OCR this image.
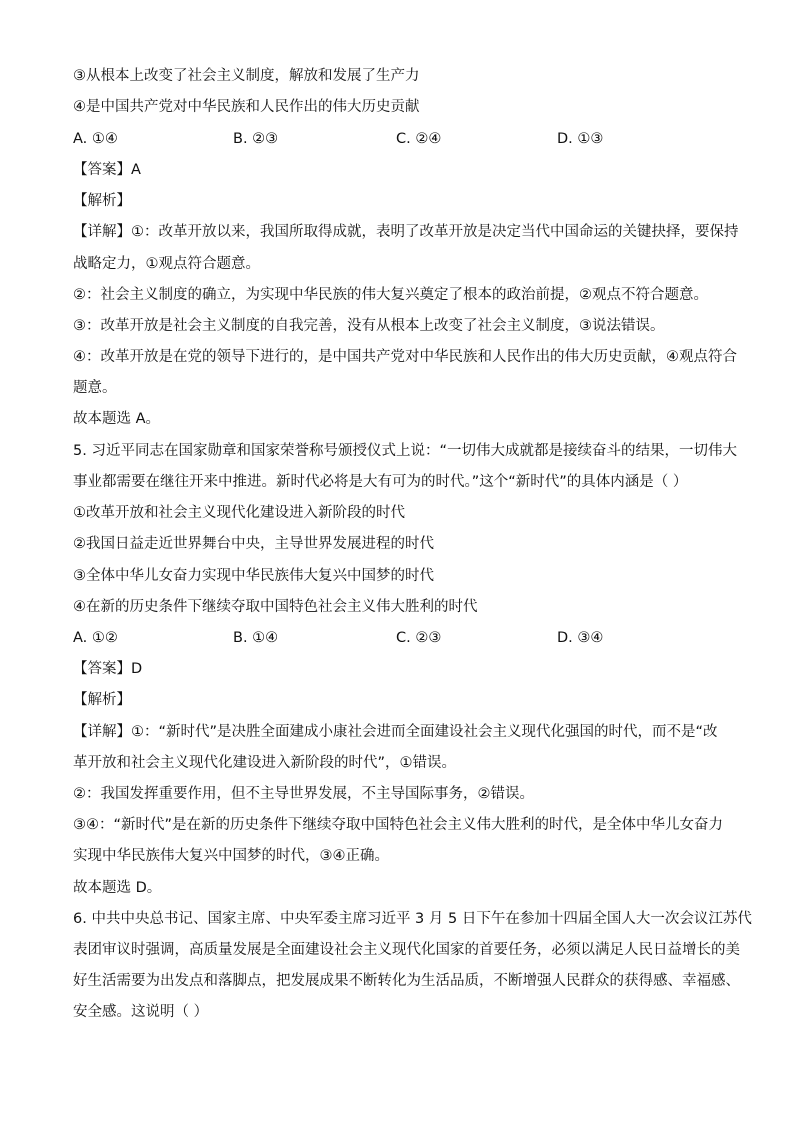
③从根本上改变了社会主义制度，解放和发展了生产力
④是中国共产党对中华民族和人民作出的伟大历史贡献
A. ①④	B. ②③	C. ②④	D. ①③
【答案】A
【解析】
【详解】①：改革开放以来，我国所取得成就，表明了改革开放是决定当代中国命运的关键抉择，要保持
战略定力，①观点符合题意。
②：社会主义制度的确立，为实现中华民族的伟大复兴奠定了根本的政治前提，②观点不符合题意。
③：改革开放是社会主义制度的自我完善，没有从根本上改变了社会主义制度，③说法错误。
④：改革开放是在党的领导下进行的，是中国共产党对中华民族和人民作出的伟大历史贡献，④观点符合
题意。
故本题选 A。
5. 习近平同志在国家勋章和国家荣誉称号颁授仪式上说：“一切伟大成就都是接续奋斗的结果，一切伟大
事业都需要在继往开来中推进。新时代必将是大有可为的时代。”这个“新时代”的具体内涵是（ ）
①改革开放和社会主义现代化建设进入新阶段的时代
②我国日益走近世界舞台中央，主导世界发展进程的时代
③全体中华儿女奋力实现中华民族伟大复兴中国梦的时代
④在新的历史条件下继续夺取中国特色社会主义伟大胜利的时代
A. ①②	B. ①④	C. ②③	D. ③④
【答案】D
【解析】
【详解】①：“新时代”是决胜全面建成小康社会进而全面建设社会主义现代化强国的时代，而不是“改
革开放和社会主义现代化建设进入新阶段的时代”，①错误。
②：我国发挥重要作用，但不主导世界发展，不主导国际事务，②错误。
③④：“新时代”是在新的历史条件下继续夺取中国特色社会主义伟大胜利的时代，是全体中华儿女奋力
实现中华民族伟大复兴中国梦的时代，③④正确。
故本题选 D。
6. 中共中央总书记、国家主席、中央军委主席习近平 3 月 5 日下午在参加十四届全国人大一次会议江苏代
表团审议时强调，高质量发展是全面建设社会主义现代化国家的首要任务，必须以满足人民日益增长的美
好生活需要为出发点和落脚点，把发展成果不断转化为生活品质，不断增强人民群众的获得感、幸福感、
安全感。这说明（ ）
